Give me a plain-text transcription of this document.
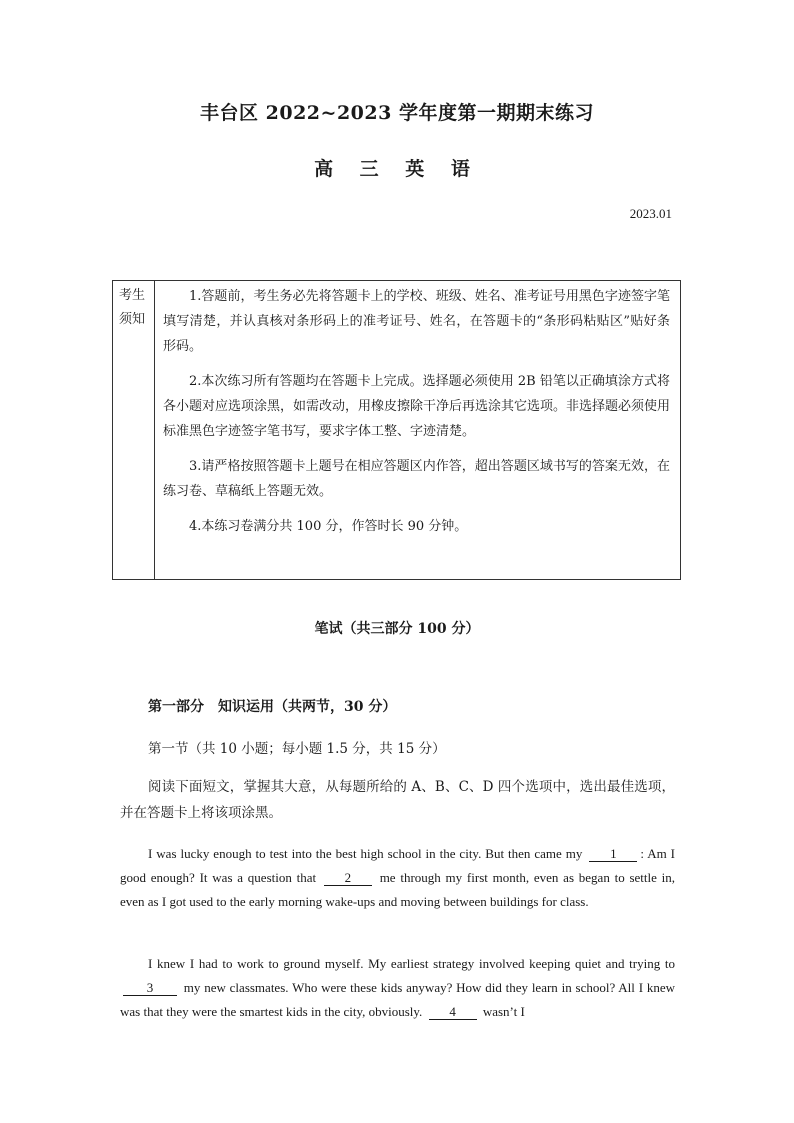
丰台区 2022~2023 学年度第一期期末练习
高 三 英 语
2023.01
考生
须知

1.答题前，考生务必先将答题卡上的学校、班级、姓名、准考证号用黑色字迹签字笔填写清楚，并认真核对条形码上的准考证号、姓名，在答题卡的“条形码粘贴区”贴好条形码。

2.本次练习所有答题均在答题卡上完成。选择题必须使用 2B 铅笔以正确填涂方式将各小题对应选项涂黑，如需改动，用橡皮擦除干净后再选涂其它选项。非选择题必须使用标准黑色字迹签字笔书写，要求字体工整、字迹清楚。

3.请严格按照答题卡上题号在相应答题区内作答，超出答题区域书写的答案无效，在练习卷、草稿纸上答题无效。

4.本练习卷满分共 100 分，作答时长 90 分钟。

笔试（共三部分 100 分）
第一部分 知识运用（共两节，30 分）
第一节（共 10 小题；每小题 1.5 分，共 15 分）

阅读下面短文，掌握其大意，从每题所给的 A、B、C、D 四个选项中，选出最佳选项，并在答题卡上将该项涂黑。

I was lucky enough to test into the best high school in the city. But then came my 1 : Am I good enough? It was a question that 2 me through my first month, even as began to settle in, even as I got used to the early morning wake-ups and moving between buildings for class.

I knew I had to work to ground myself. My earliest strategy involved keeping quiet and trying to 3 my new classmates. Who were these kids anyway? How did they learn in school? All I knew was that they were the smartest kids in the city, obviously. 4 wasn’t I
